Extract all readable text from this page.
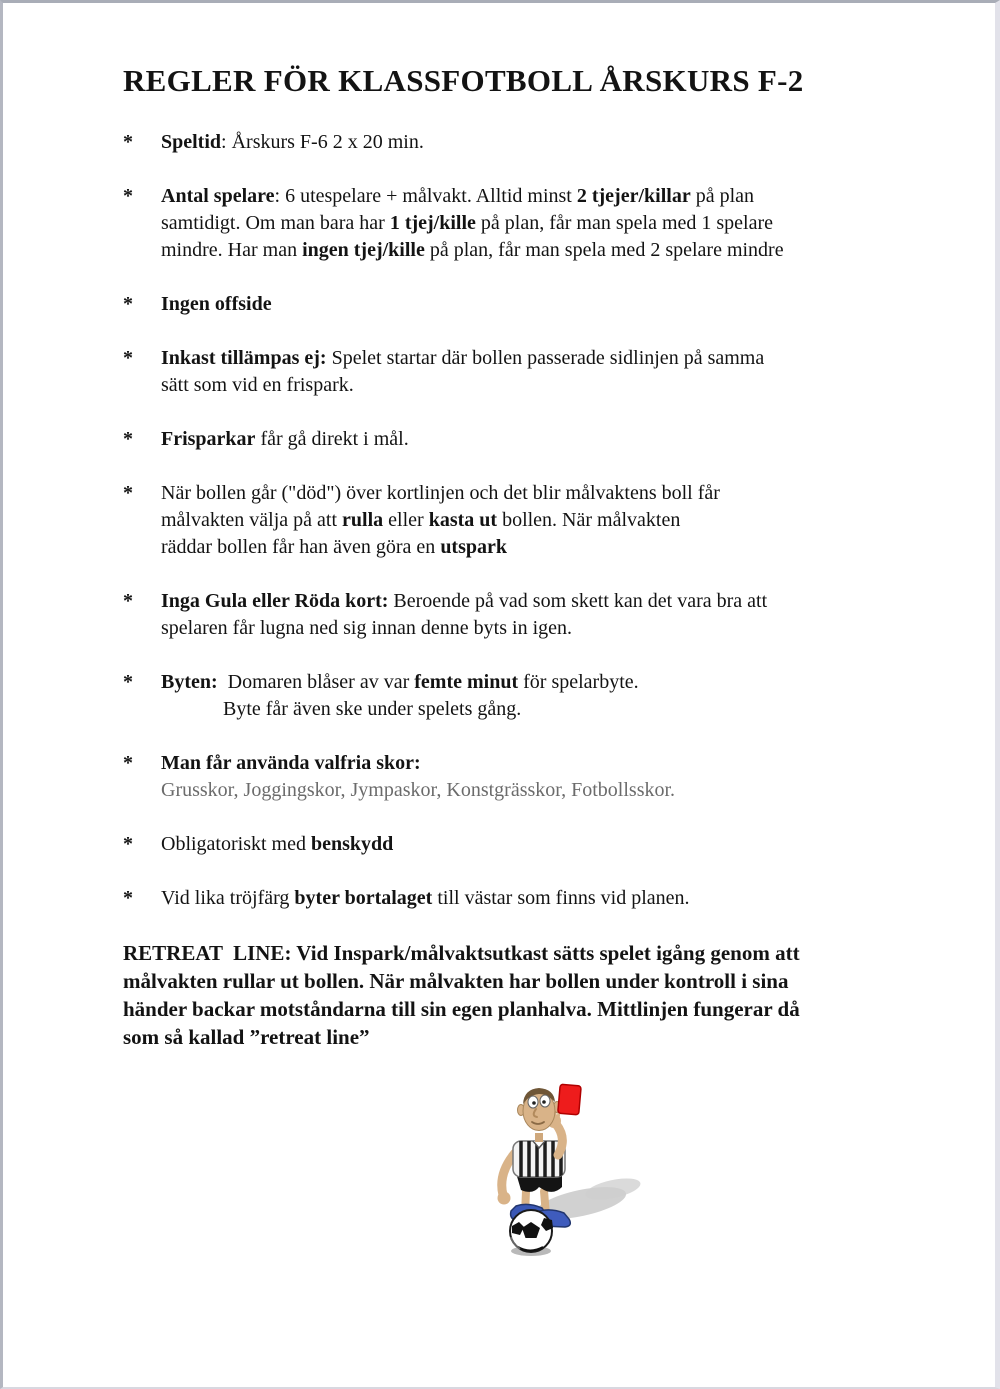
REGLER FÖR KLASSFOTBOLL ÅRSKURS F-2
*	Speltid: Årskurs F-6 2 x 20 min.
*	Antal spelare: 6 utespelare + målvakt. Alltid minst 2 tjejer/killar på plan
samtidigt. Om man bara har 1 tjej/kille på plan, får man spela med 1 spelare
mindre. Har man ingen tjej/kille på plan, får man spela med 2 spelare mindre
*	Ingen offside
*	Inkast tillämpas ej: Spelet startar där bollen passerade sidlinjen på samma
sätt som vid en frispark.
*	Frisparkar får gå direkt i mål.
*	När bollen går ("död") över kortlinjen och det blir målvaktens boll får
målvakten välja på att rulla eller kasta ut bollen. När målvakten
räddar bollen får han även göra en utspark
*	Inga Gula eller Röda kort: Beroende på vad som skett kan det vara bra att
spelaren får lugna ned sig innan denne byts in igen.
*	Byten:  Domaren blåser av var femte minut för spelarbyte.
Byte får även ske under spelets gång.
*	Man får använda valfria skor:
Grusskor, Joggingskor, Jympaskor, Konstgrässkor, Fotbollsskor.
*	Obligatoriskt med benskydd
*	Vid lika tröjfärg byter bortalaget till västar som finns vid planen.
RETREAT  LINE: Vid Inspark/målvaktsutkast sätts spelet igång genom att
målvakten rullar ut bollen. När målvakten har bollen under kontroll i sina
händer backar motståndarna till sin egen planhalva. Mittlinjen fungerar då
som så kallad ”retreat line”
